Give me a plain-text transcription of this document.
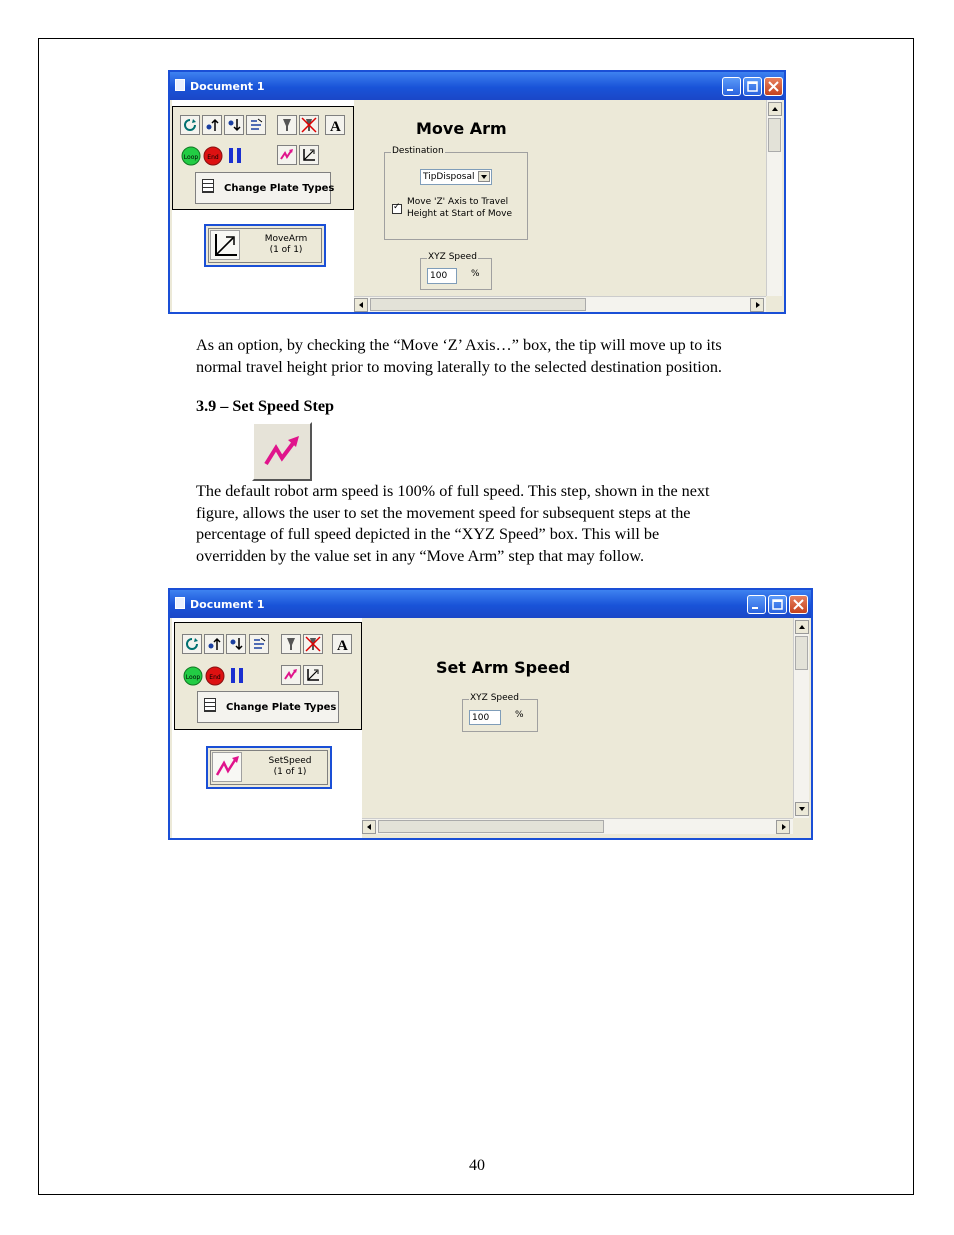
Document 1
A
Loop End
Change Plate Types
MoveArm
(1 of 1)
Move Arm
Destination
TipDisposal
✓
Move 'Z' Axis to Travel
Height at Start of Move
XYZ Speed
100	%
As an option, by checking the “Move ‘Z’ Axis…” box, the tip will move up to its
normal travel height prior to moving laterally to the selected destination position.
3.9 – Set Speed Step
The default robot arm speed is 100% of full speed. This step, shown in the next
figure, allows the user to set the movement speed for subsequent steps at the
percentage of full speed depicted in the “XYZ Speed” box. This will be
overridden by the value set in any “Move Arm” step that may follow.
Document 1
A
Loop End
Change Plate Types
SetSpeed
(1 of 1)
Set Arm Speed
XYZ Speed
100	%
40
